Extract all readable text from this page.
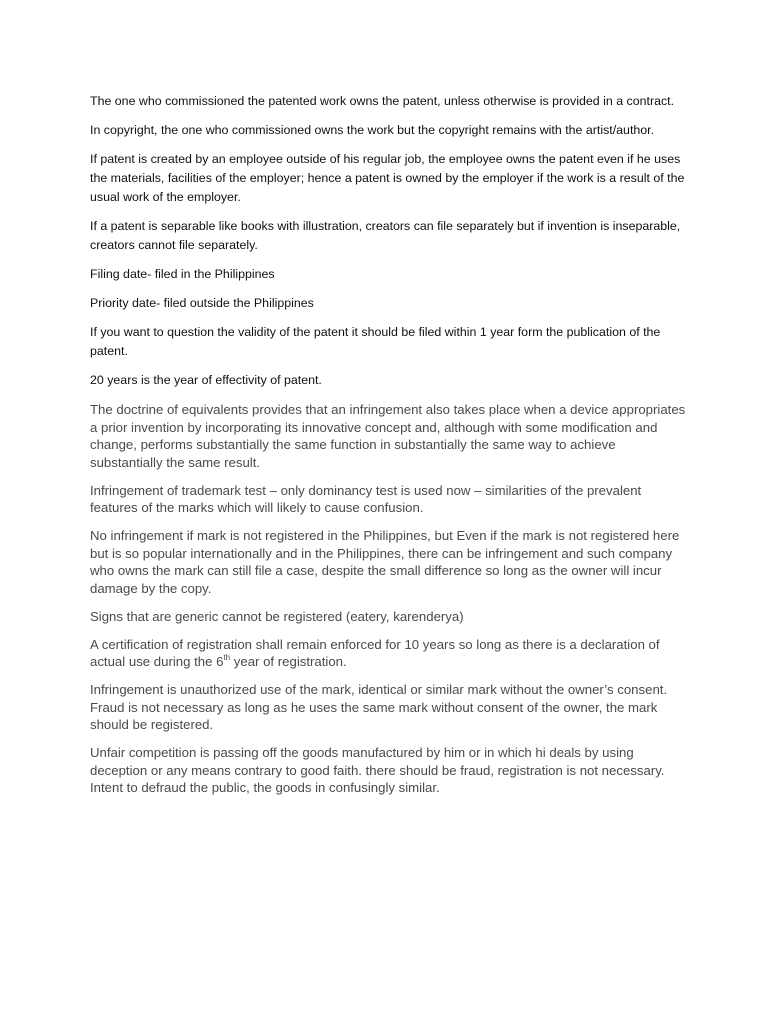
The one who commissioned the patented work owns the patent, unless otherwise is provided in a contract.

In copyright, the one who commissioned owns the work but the copyright remains with the artist/author.

If patent is created by an employee outside of his regular job, the employee owns the patent even if he uses the materials, facilities of the employer; hence a patent is owned by the employer if the work is a result of the usual work of the employer.

If a patent is separable like books with illustration, creators can file separately but if invention is inseparable, creators cannot file separately.

Filing date- filed in the Philippines

Priority date- filed outside the Philippines

If you want to question the validity of the patent it should be filed within 1 year form the publication of the patent.

20 years is the year of effectivity of patent.

The doctrine of equivalents provides that an infringement also takes place when a device appropriates a prior invention by incorporating its innovative concept and, although with some modification and change, performs substantially the same function in substantially the same way to achieve substantially the same result.

Infringement of trademark test – only dominancy test is used now – similarities of the prevalent features of the marks which will likely to cause confusion.

No infringement if mark is not registered in the Philippines, but Even if the mark is not registered here but is so popular internationally and in the Philippines, there can be infringement and such company who owns the mark can still file a case, despite the small difference so long as the owner will incur damage by the copy.

Signs that are generic cannot be registered (eatery, karenderya)

A certification of registration shall remain enforced for 10 years so long as there is a declaration of actual use during the 6th year of registration.

Infringement is unauthorized use of the mark, identical or similar mark without the owner’s consent. Fraud is not necessary as long as he uses the same mark without consent of the owner, the mark should be registered.

Unfair competition is passing off the goods manufactured by him or in which hi deals by using deception or any means contrary to good faith. there should be fraud, registration is not necessary. Intent to defraud the public, the goods in confusingly similar.
